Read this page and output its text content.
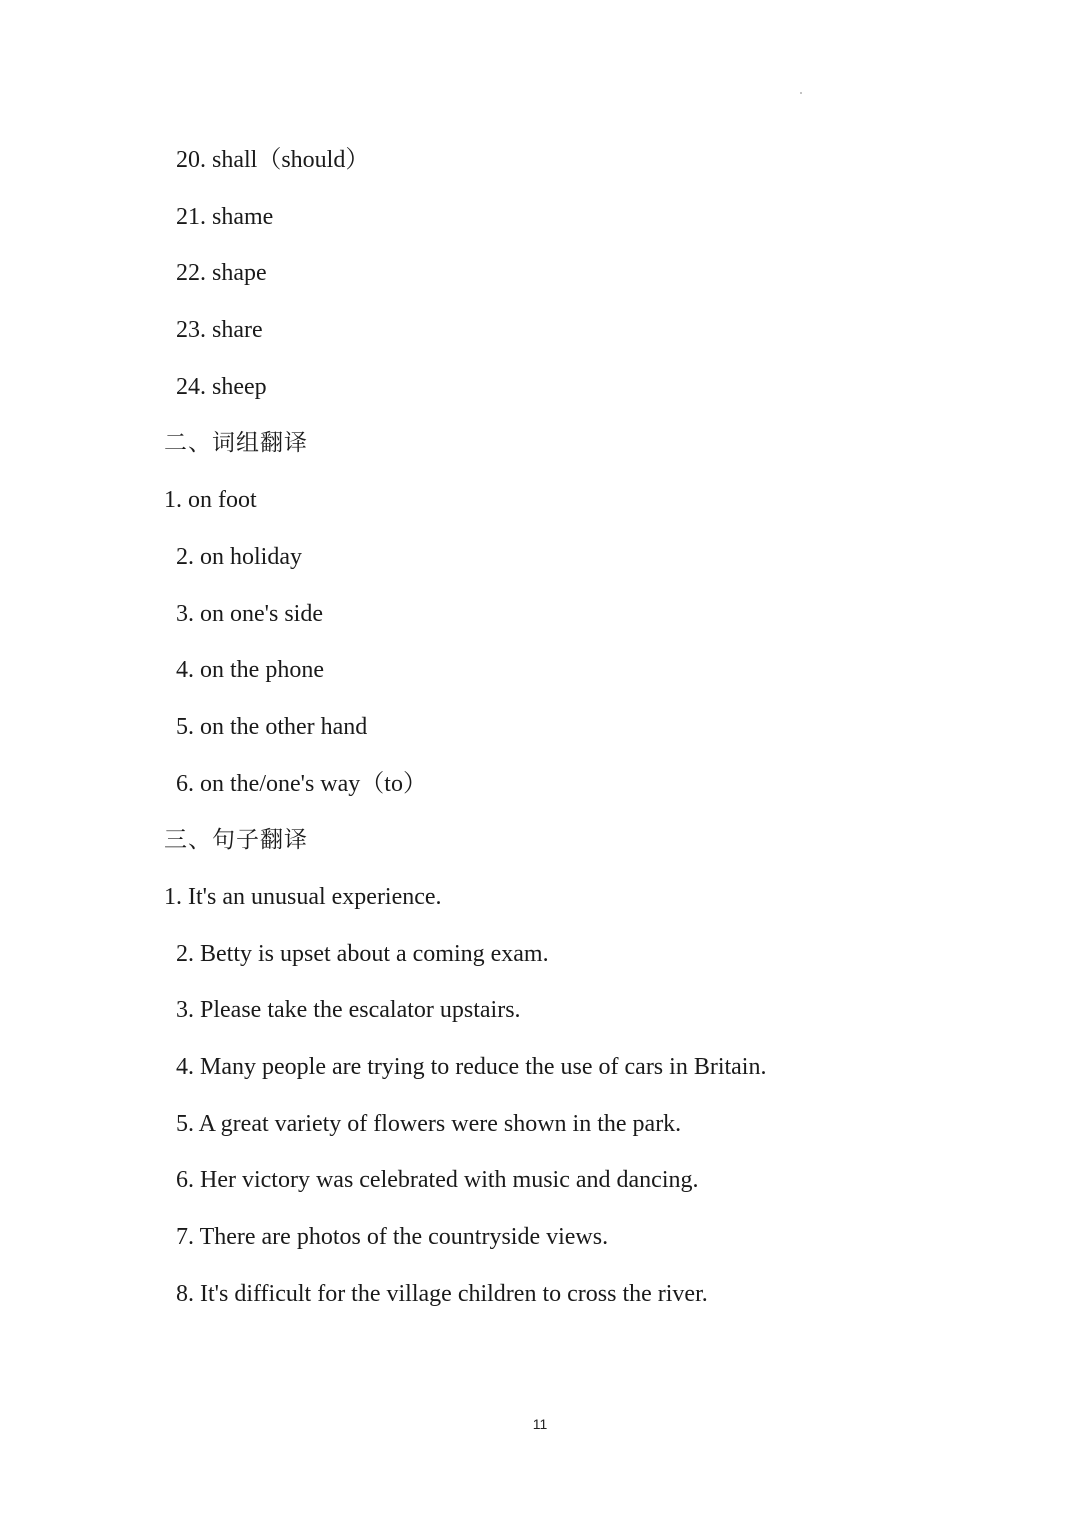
20. shall（should）
21. shame
22. shape
23. share
24. sheep
二、词组翻译
1. on foot
2. on holiday
3. on one's side
4. on the phone
5. on the other hand
6. on the/one's way（to）
三、句子翻译
1. It's an unusual experience.
2. Betty is upset about a coming exam.
3. Please take the escalator upstairs.
4. Many people are trying to reduce the use of cars in Britain.
5. A great variety of flowers were shown in the park.
6. Her victory was celebrated with music and dancing.
7. There are photos of the countryside views.
8. It's difficult for the village children to cross the river.
11
